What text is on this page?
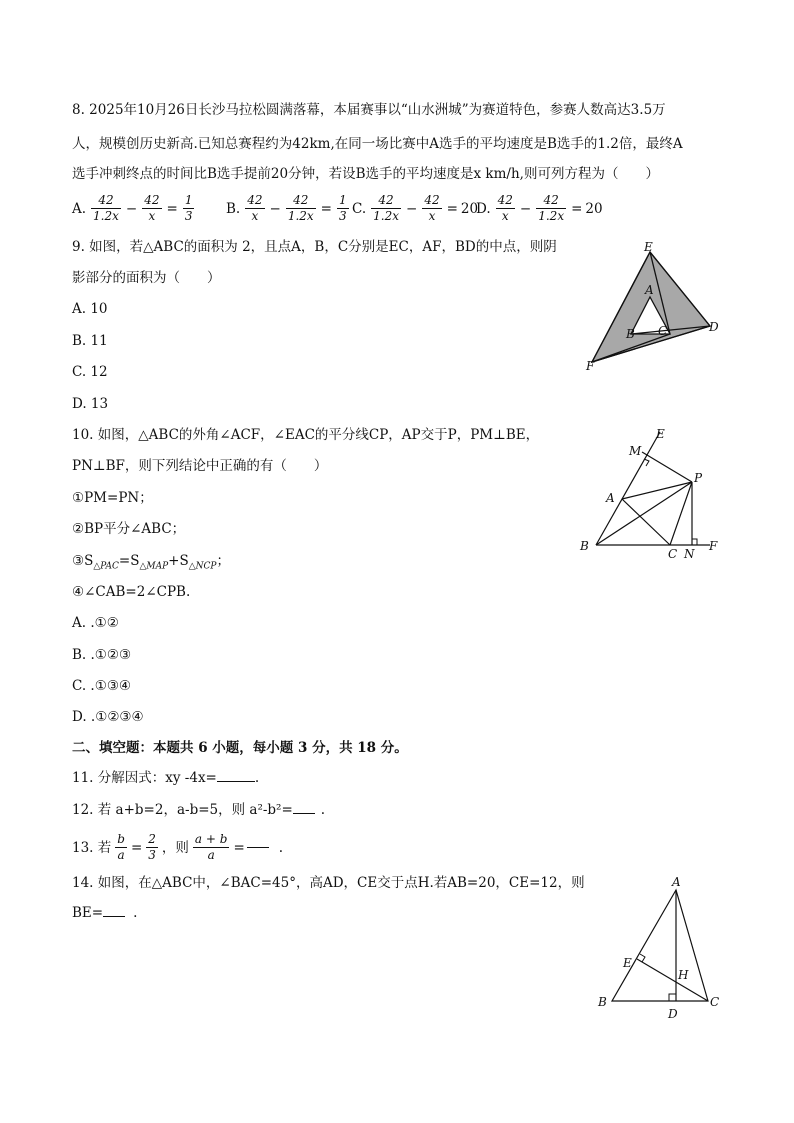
8. 2025年10月26日长沙马拉松圆满落幕，本届赛事以“山水洲城”为赛道特色，参赛人数高达3.5万
人，规模创历史新高.已知总赛程约为42km,在同一场比赛中A选手的平均速度是B选手的1.2倍，最终A
选手冲刺终点的时间比B选手提前20分钟，若设B选手的平均速度是x km/h,则可列方程为（　　）
A. $\frac{42}{1.2x} - \frac{42}{x} = \frac{1}{3} B$. $\frac{42}{x} - \frac{42}{1.2x} = \frac{1}{3} C$. $\frac{42}{1.2x} - \frac{42}{x} = 20$
D. $\frac{42}{x} - \frac{42}{1.2x} = 20$
9. 如图，若△ABC的面积为 2，且点A，B，C分别是EC，AF，BD的中点，则阴
影部分的面积为（　　）
A. 10
B. 11
C. 12
D. 13
E
A
B C	D
F
10. 如图，△ABC的外角∠ACF，∠EAC的平分线CP，AP交于P，PM⊥BE，
PN⊥BF，则下列结论中正确的有（　　）
①PM=PN；
②BP平分∠ABC；
$③S_{\triangle PAC}=S_{\triangle MAP}+S_{\triangle NCP}$；
④∠CAB=2∠CPB.
A. .①②
B. .①②③
C. .①③④
D. .①②③④
E
M
P
A
B
C N
F
二、填空题：本题共 6 小题，每小题 3 分，共 18 分。
11. 分解因式：xy -4x=	.
12. 若 a+b=2，a-b=5，则 a²-b²= .
13. 若 $\frac{b}{a} = \frac{2}{3}$ ，则 $\frac{a + b}{a}$ =	.
14. 如图，在△ABC中，∠BAC=45°，高AD，CE交于点H.若AB=20，CE=12，则
BE= .
A
E
H
B
D
C
